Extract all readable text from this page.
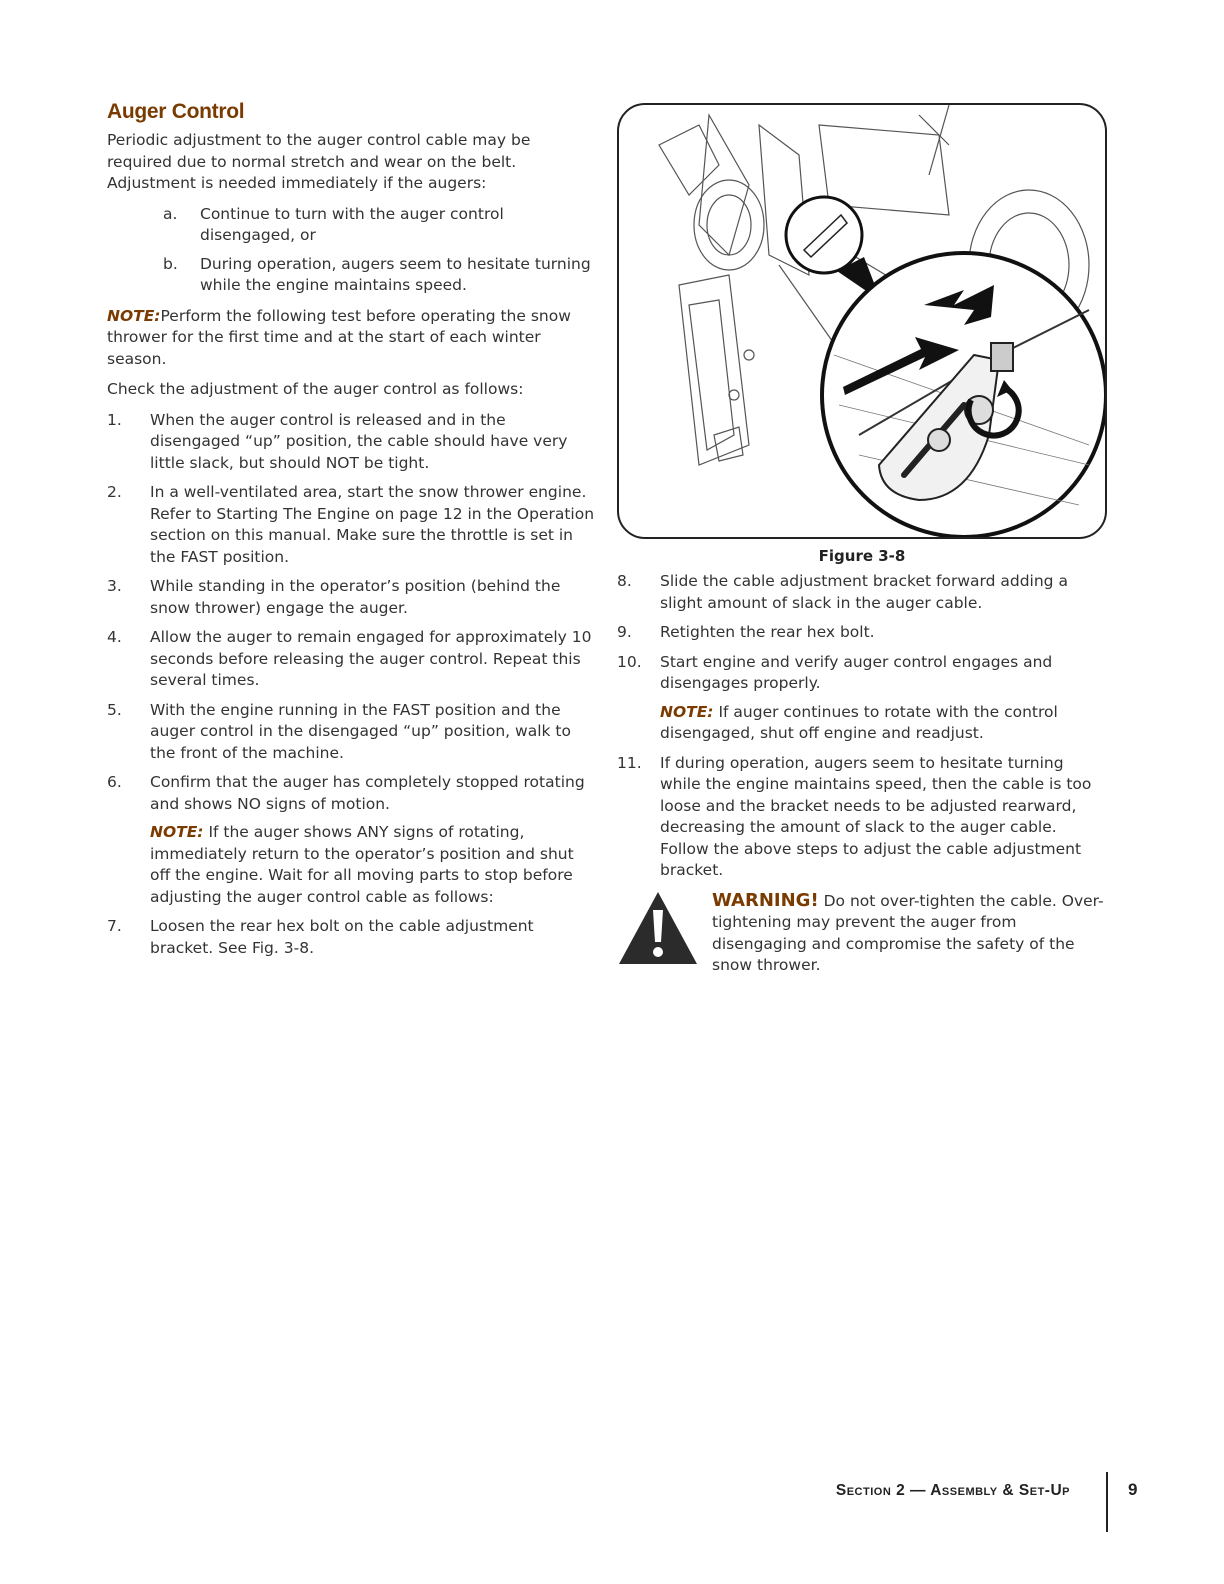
Auger Control

Periodic adjustment to the auger control cable may be required due to normal stretch and wear on the belt. Adjustment is needed immediately if the augers:

a. Continue to turn with the auger control disengaged, or
b. During operation, augers seem to hesitate turning while the engine maintains speed.

NOTE:Perform the following test before operating the snow thrower for the first time and at the start of each winter season.

Check the adjustment of the auger control as follows:

1. When the auger control is released and in the disengaged “up” position, the cable should have very little slack, but should NOT be tight.
2. In a well-ventilated area, start the snow thrower engine. Refer to Starting The Engine on page 12 in the Operation section on this manual. Make sure the throttle is set in the FAST position.
3. While standing in the operator’s position (behind the snow thrower) engage the auger.
4. Allow the auger to remain engaged for approximately 10 seconds before releasing the auger control. Repeat this several times.
5. With the engine running in the FAST position and the auger control in the disengaged “up” position, walk to the front of the machine.
6. Confirm that the auger has completely stopped rotating and shows NO signs of motion.

NOTE: If the auger shows ANY signs of rotating, immediately return to the operator’s position and shut off the engine. Wait for all moving parts to stop before adjusting the auger control cable as follows:

7. Loosen the rear hex bolt on the cable adjustment bracket. See Fig. 3-8.
Figure 3-8
8. Slide the cable adjustment bracket forward adding a slight amount of slack in the auger cable.
9. Retighten the rear hex bolt.
10. Start engine and verify auger control engages and disengages properly.

NOTE: If auger continues to rotate with the control disengaged, shut off engine and readjust.

11. If during operation, augers seem to hesitate turning while the engine maintains speed, then the cable is too loose and the bracket needs to be adjusted rearward, decreasing the amount of slack to the auger cable. Follow the above steps to adjust the cable adjustment bracket.
WARNING! Do not over-tighten the cable. Over-tightening may prevent the auger from disengaging and compromise the safety of the snow thrower.
Section 2 — Assembly & Set-Up	9
